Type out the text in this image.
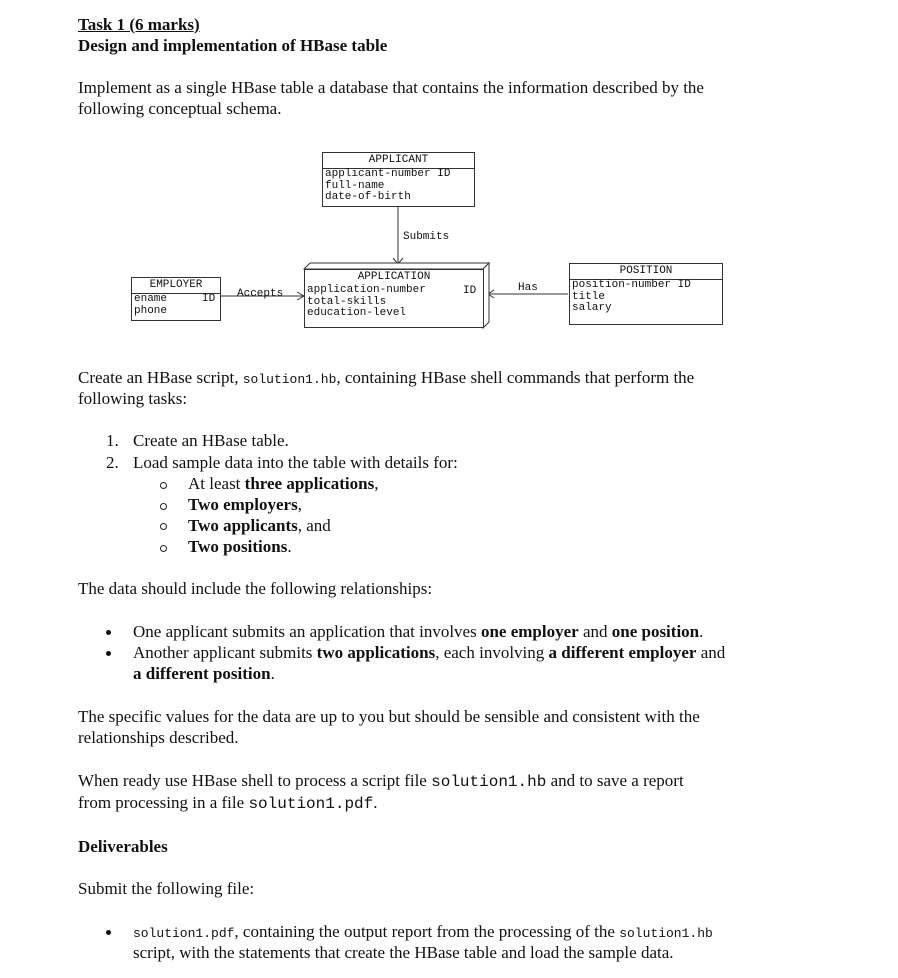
Task 1 (6 marks)
Design and implementation of HBase table
Implement as a single HBase table a database that contains the information described by the
following conceptual schema.
APPLICANT
applicant-number ID
full-name
date-of-birth
Submits
EMPLOYER
ename
phone
ID Accepts
APPLICATION
application-number
total-skills
education-level
ID	Has
POSITION
position-number ID
title
salary
Create an HBase script, solution1.hb, containing HBase shell commands that perform the
following tasks:
1. Create an HBase table.
2. Load sample data into the table with details for:
At least three applications,
Two employers,
Two applicants, and
Two positions.
The data should include the following relationships:
One applicant submits an application that involves one employer and one position.
Another applicant submits two applications, each involving a different employer and
a different position.
The specific values for the data are up to you but should be sensible and consistent with the
relationships described.
When ready use HBase shell to process a script file solution1.hb and to save a report
from processing in a file solution1.pdf.
Deliverables
Submit the following file:
solution1.pdf, containing the output report from the processing of the solution1.hb
script, with the statements that create the HBase table and load the sample data.
